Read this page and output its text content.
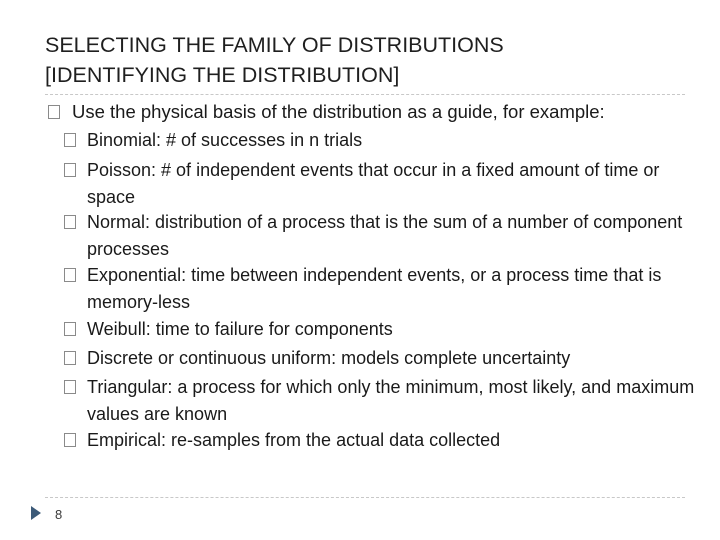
SELECTING THE FAMILY OF DISTRIBUTIONS
[IDENTIFYING THE DISTRIBUTION]
Use the physical basis of the distribution as a guide, for example:
Binomial: # of successes in n trials
Poisson: # of independent events that occur in a fixed amount of time or space
Normal: distribution of a process that is the sum of a number of component processes
Exponential: time between independent events, or a process time that is memory-less
Weibull: time to failure for components
Discrete or continuous uniform: models complete uncertainty
Triangular: a process for which only the minimum, most likely, and maximum values are known
Empirical: re-samples from the actual data collected
8
